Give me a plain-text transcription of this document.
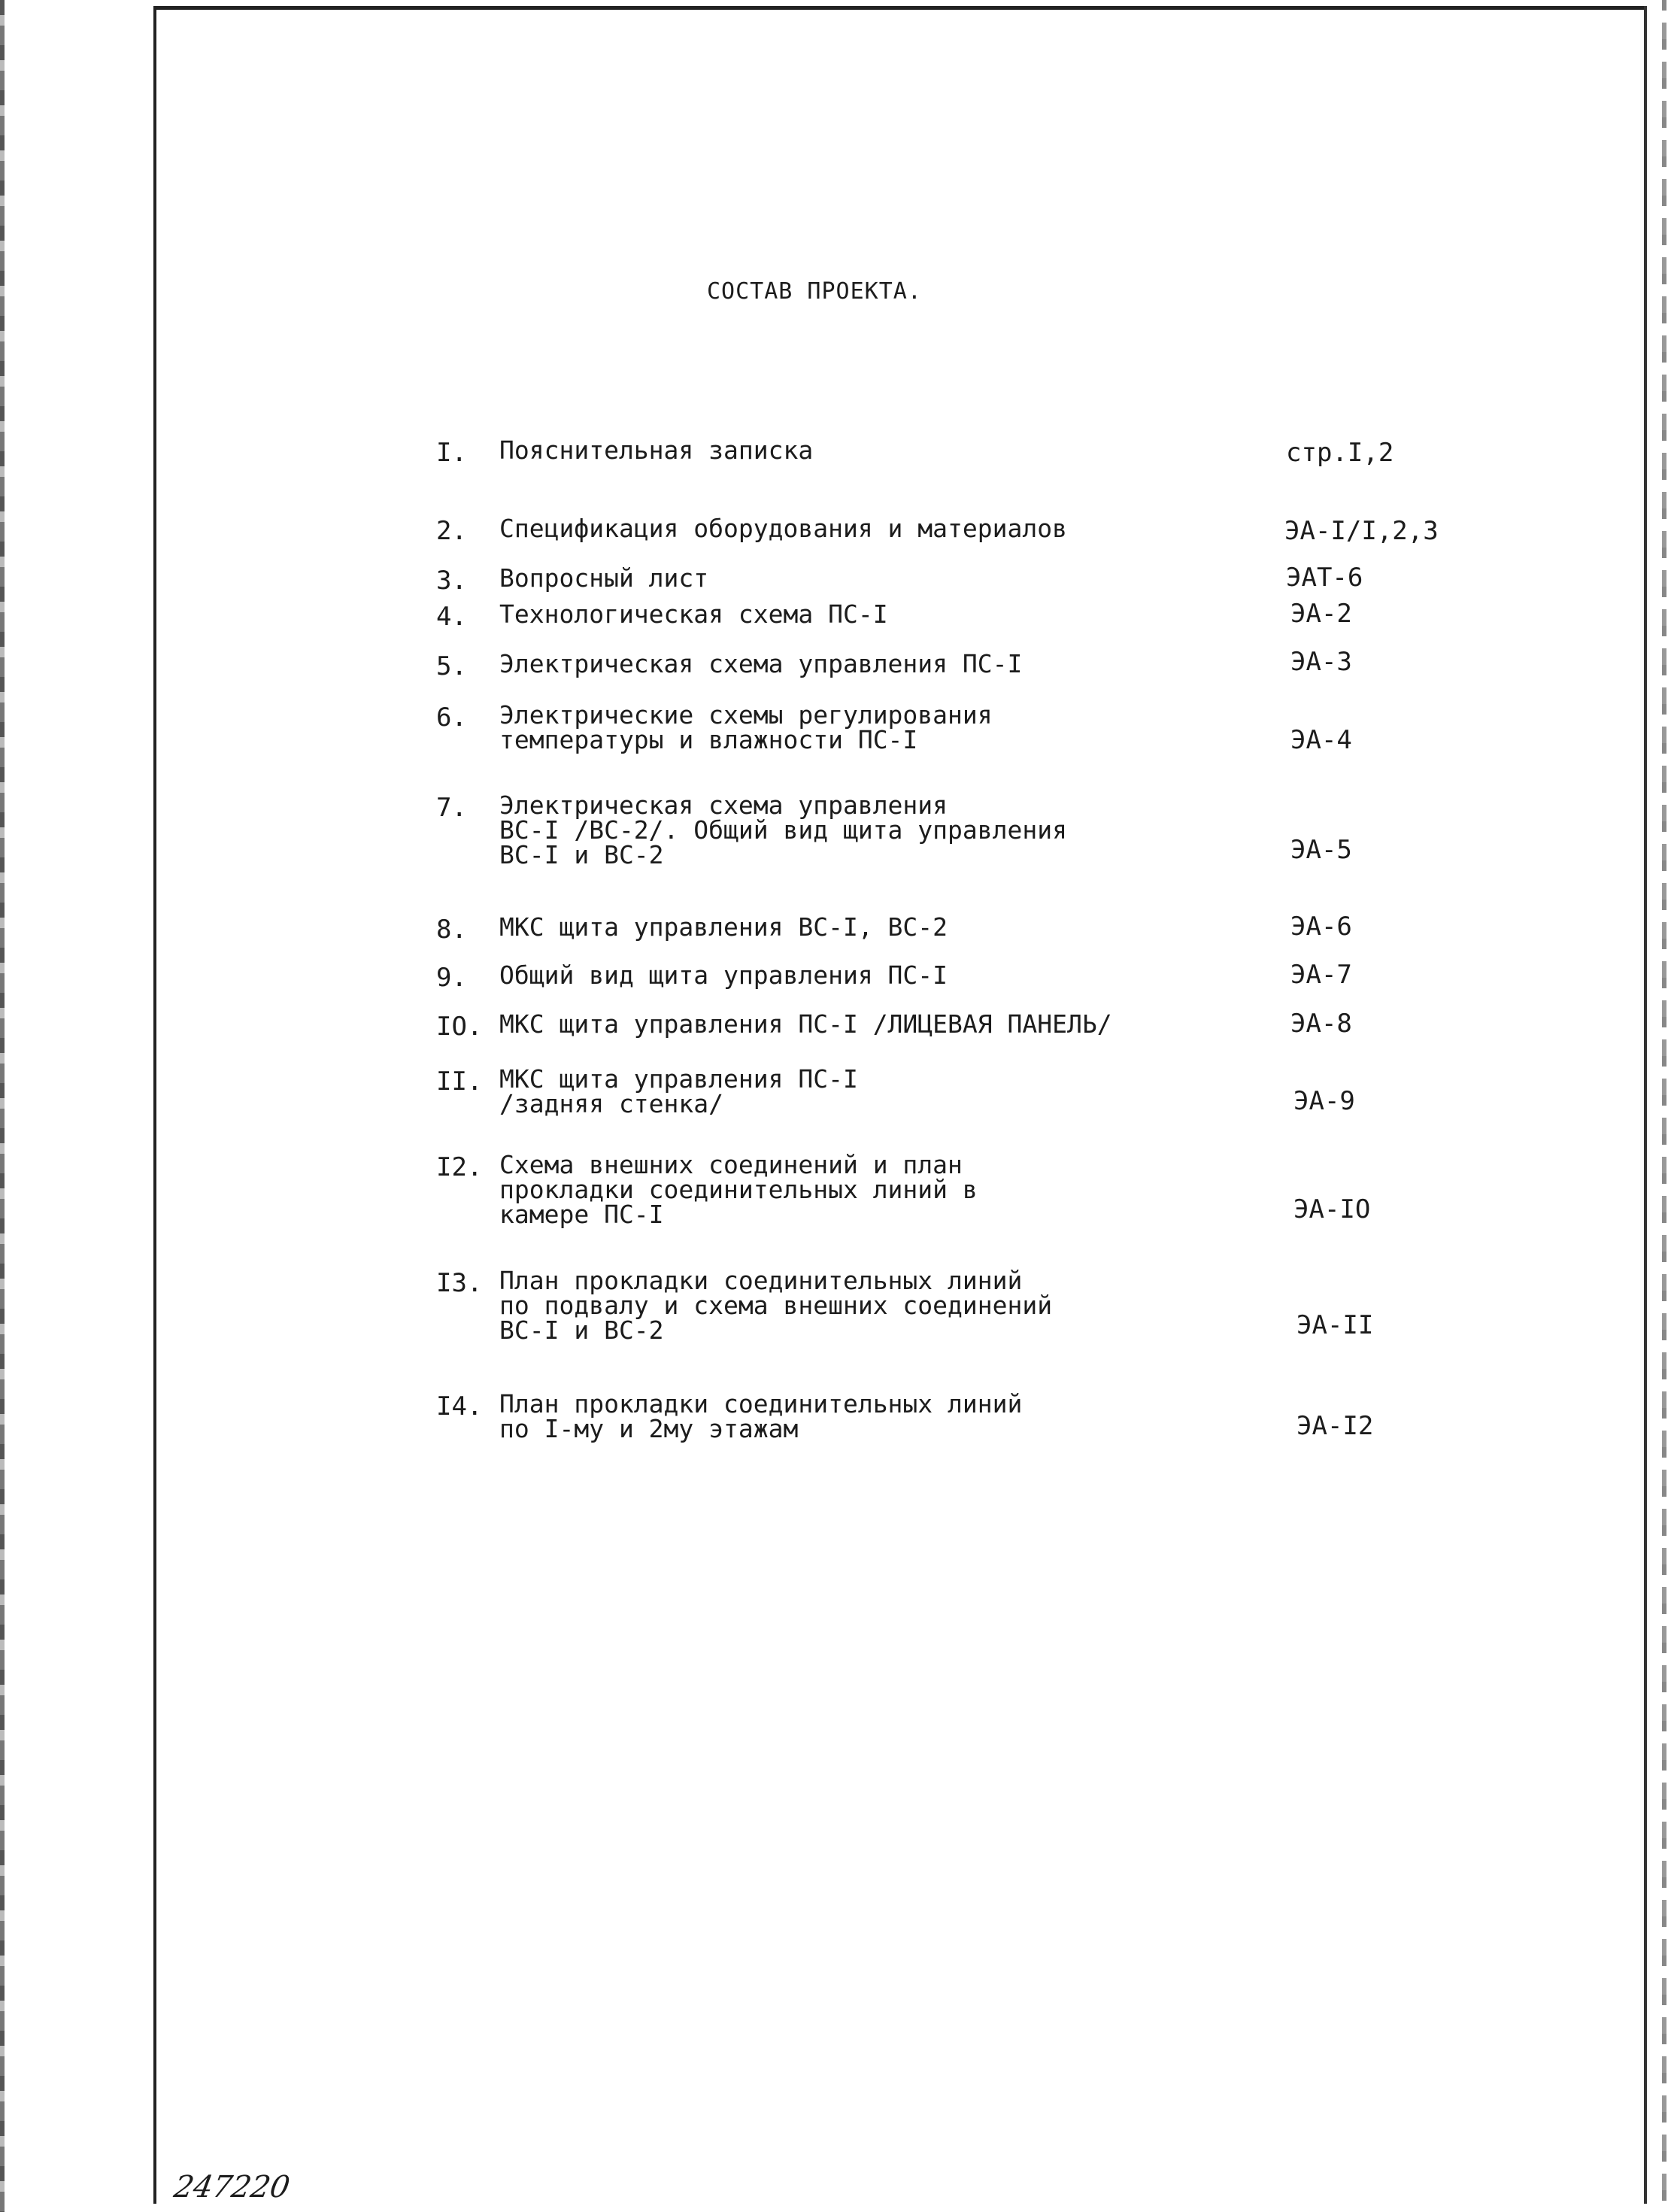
СОСТАВ ПРОЕКТА.
I. Пояснительная записка	стр.I,2
2. Спецификация оборудования и материалов	ЭА-I/I,2,3
3. Вопросный лист	ЭАТ-6
4. Технологическая схема ПС-I	ЭА-2
5. Электрическая схема управления ПС-I	ЭА-3
6. Электрические схемы регулирования
температуры и влажности ПС-I	ЭА-4
7. Электрическая схема управления
ВС-I /ВС-2/. Общий вид щита управления
ВС-I и ВС-2	ЭА-5
8. МКС щита управления ВС-I, ВС-2	ЭА-6
9. Общий вид щита управления ПС-I	ЭА-7
IO. МКС щита управления ПС-I /ЛИЦЕВАЯ ПАНЕЛЬ/	ЭА-8
II. МКС щита управления ПС-I
/задняя стенка/	ЭА-9
I2. Схема внешних соединений и план
прокладки соединительных линий в
камере ПС-I	ЭА-IO
I3. План прокладки соединительных линий
по подвалу и схема внешних соединений
ВС-I и ВС-2	ЭА-II
I4. План прокладки соединительных линий
по I-му и 2му этажам	ЭА-I2
247220
